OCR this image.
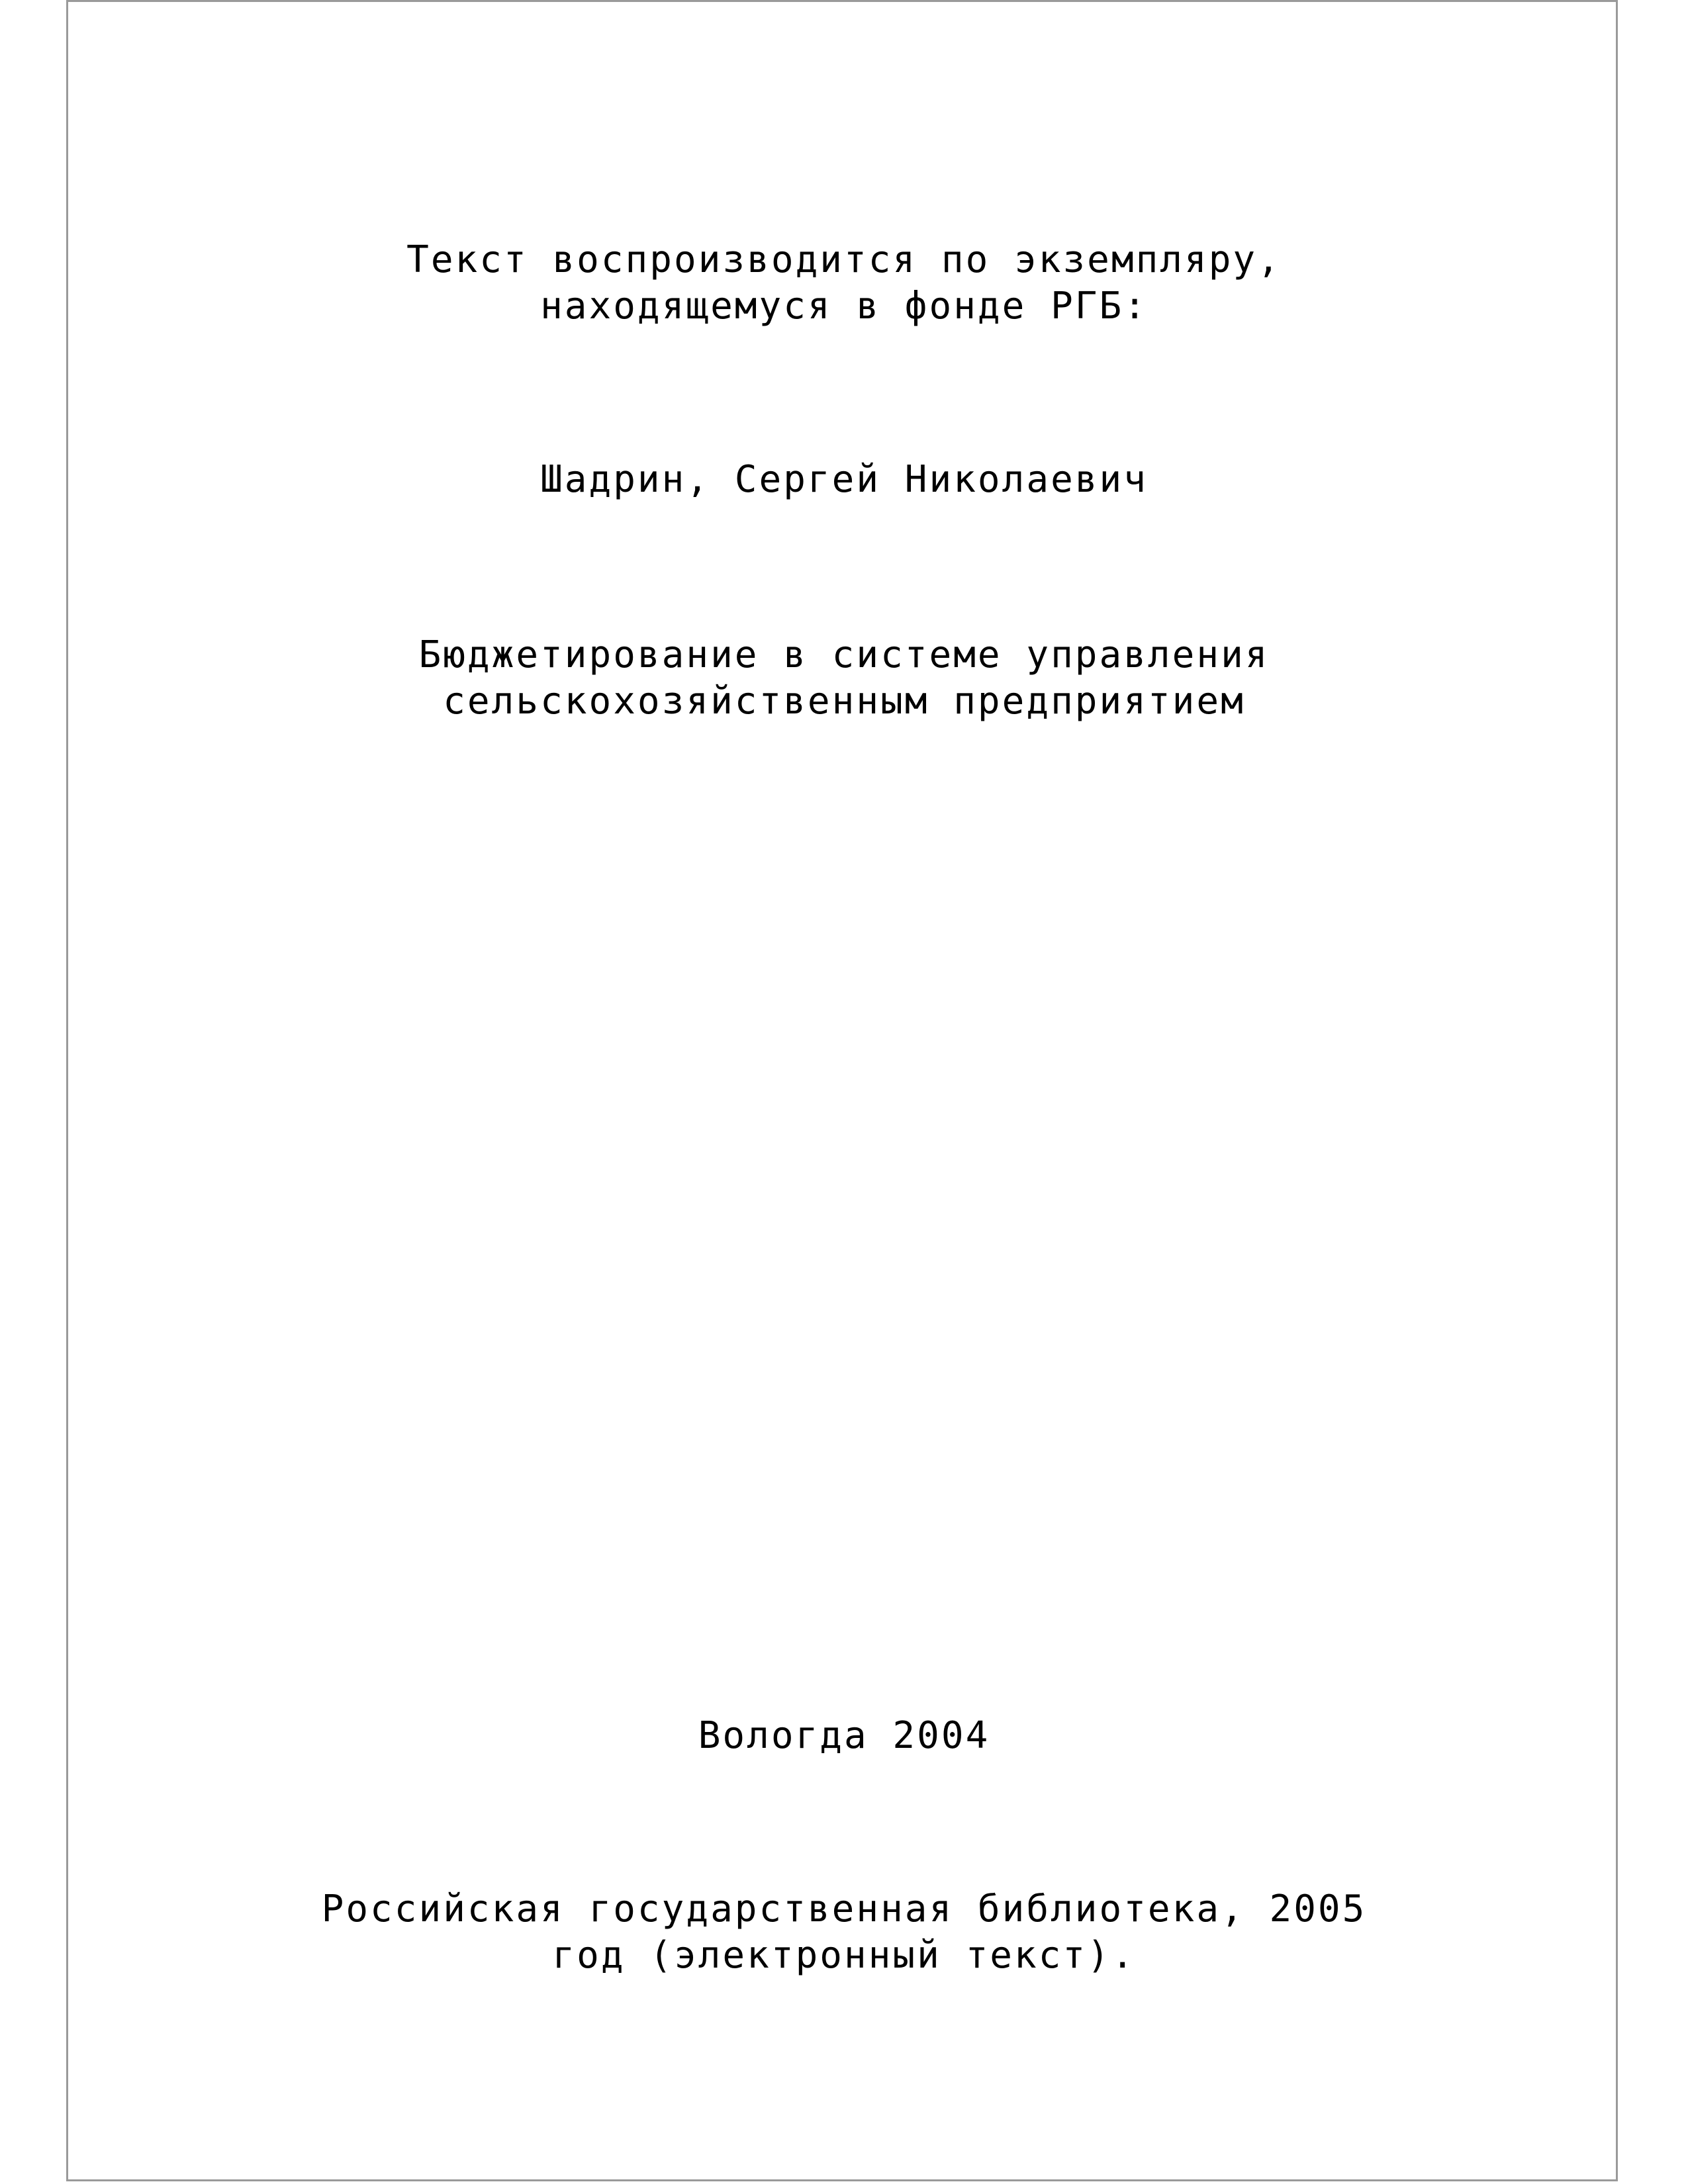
Текст воспроизводится по экземпляру,
находящемуся в фонде РГБ:
Шадрин, Сергей Николаевич
Бюджетирование в системе управления
сельскохозяйственным предприятием
Вологда 2004
Российская государственная библиотека, 2005
год (электронный текст).
